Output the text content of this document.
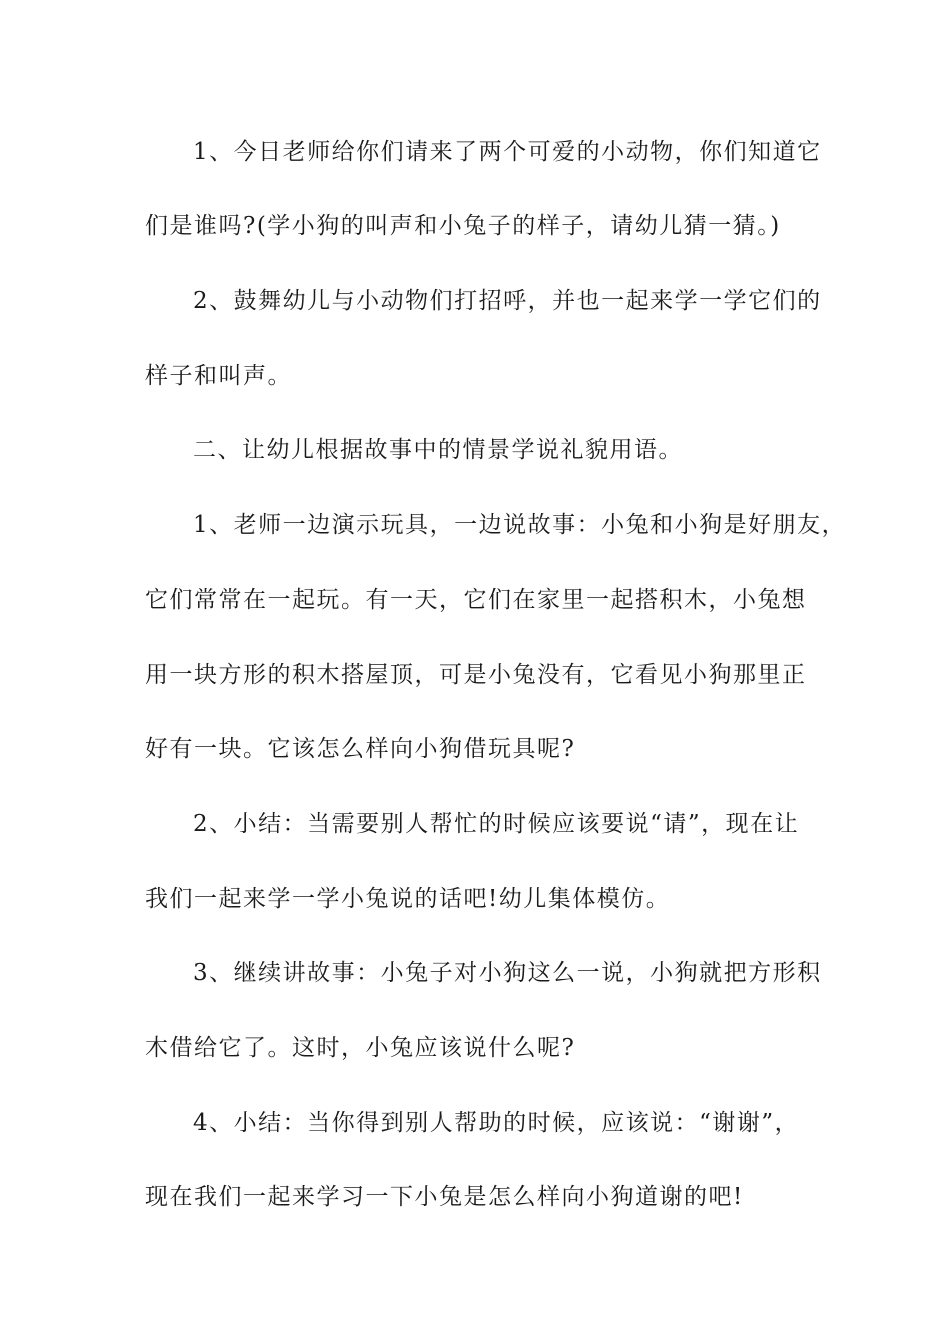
1、今日老师给你们请来了两个可爱的小动物，你们知道它

们是谁吗?(学小狗的叫声和小兔子的样子，请幼儿猜一猜。)

2、鼓舞幼儿与小动物们打招呼，并也一起来学一学它们的

样子和叫声。

二、让幼儿根据故事中的情景学说礼貌用语。

1、老师一边演示玩具，一边说故事：小兔和小狗是好朋友，

它们常常在一起玩。有一天，它们在家里一起搭积木，小兔想

用一块方形的积木搭屋顶，可是小兔没有，它看见小狗那里正

好有一块。它该怎么样向小狗借玩具呢?

2、小结：当需要别人帮忙的时候应该要说“请”，现在让

我们一起来学一学小兔说的话吧!幼儿集体模仿。

3、继续讲故事：小兔子对小狗这么一说，小狗就把方形积

木借给它了。这时，小兔应该说什么呢?

4、小结：当你得到别人帮助的时候，应该说：“谢谢”，

现在我们一起来学习一下小兔是怎么样向小狗道谢的吧!
